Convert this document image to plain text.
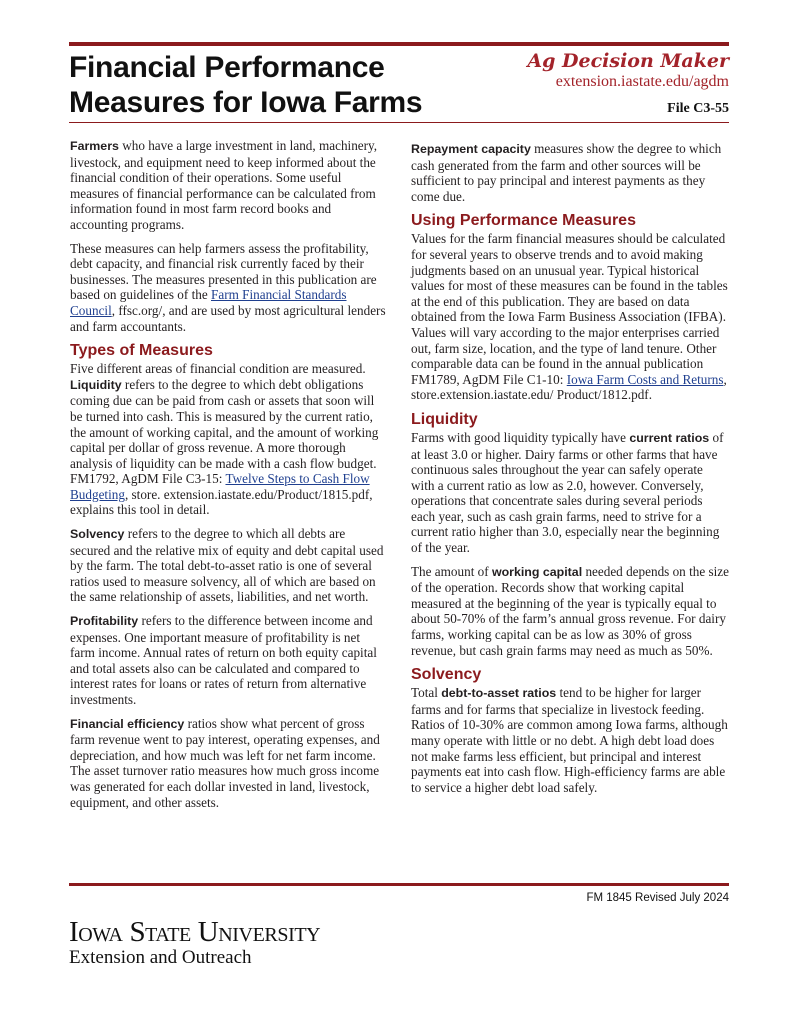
Financial Performance Measures for Iowa Farms
Ag Decision Maker
extension.iastate.edu/agdm
File C3-55

Farmers who have a large investment in land, machinery, livestock, and equipment need to keep informed about the financial condition of their operations. Some useful measures of financial performance can be calculated from information found in most farm record books and accounting programs.

These measures can help farmers assess the profitability, debt capacity, and financial risk currently faced by their businesses. The measures presented in this publication are based on guidelines of the Farm Financial Standards Council, ffsc.org/, and are used by most agricultural lenders and farm accountants.

Types of Measures

Five different areas of financial condition are measured.

Liquidity refers to the degree to which debt obligations coming due can be paid from cash or assets that soon will be turned into cash. This is measured by the current ratio, the amount of working capital, and the amount of working capital per dollar of gross revenue. A more thorough analysis of liquidity can be made with a cash flow budget. FM1792, AgDM File C3-15: Twelve Steps to Cash Flow Budgeting, store. extension.iastate.edu/Product/1815.pdf, explains this tool in detail.

Solvency refers to the degree to which all debts are secured and the relative mix of equity and debt capital used by the farm. The total debt-to-asset ratio is one of several ratios used to measure solvency, all of which are based on the same relationship of assets, liabilities, and net worth.

Profitability refers to the difference between income and expenses. One important measure of profitability is net farm income. Annual rates of return on both equity capital and total assets also can be calculated and compared to interest rates for loans or rates of return from alternative investments.

Financial efficiency ratios show what percent of gross farm revenue went to pay interest, operating expenses, and depreciation, and how much was left for net farm income. The asset turnover ratio measures how much gross income was generated for each dollar invested in land, livestock, equipment, and other assets.

Repayment capacity measures show the degree to which cash generated from the farm and other sources will be sufficient to pay principal and interest payments as they come due.

Using Performance Measures

Values for the farm financial measures should be calculated for several years to observe trends and to avoid making judgments based on an unusual year. Typical historical values for most of these measures can be found in the tables at the end of this publication. They are based on data obtained from the Iowa Farm Business Association (IFBA). Values will vary according to the major enterprises carried out, farm size, location, and the type of land tenure. Other comparable data can be found in the annual publication FM1789, AgDM File C1-10: Iowa Farm Costs and Returns, store.extension.iastate.edu/ Product/1812.pdf.

Liquidity

Farms with good liquidity typically have current ratios of at least 3.0 or higher. Dairy farms or other farms that have continuous sales throughout the year can safely operate with a current ratio as low as 2.0, however. Conversely, operations that concentrate sales during several periods each year, such as cash grain farms, need to strive for a current ratio higher than 3.0, especially near the beginning of the year.

The amount of working capital needed depends on the size of the operation. Records show that working capital measured at the beginning of the year is typically equal to about 50-70% of the farm’s annual gross revenue. For dairy farms, working capital can be as low as 30% of gross revenue, but cash grain farms may need as much as 50%.

Solvency

Total debt-to-asset ratios tend to be higher for larger farms and for farms that specialize in livestock feeding. Ratios of 10-30% are common among Iowa farms, although many operate with little or no debt. A high debt load does not make farms less efficient, but principal and interest payments eat into cash flow. High-efficiency farms are able to service a higher debt load safely.

FM 1845 Revised July 2024
Iowa State University
Extension and Outreach
